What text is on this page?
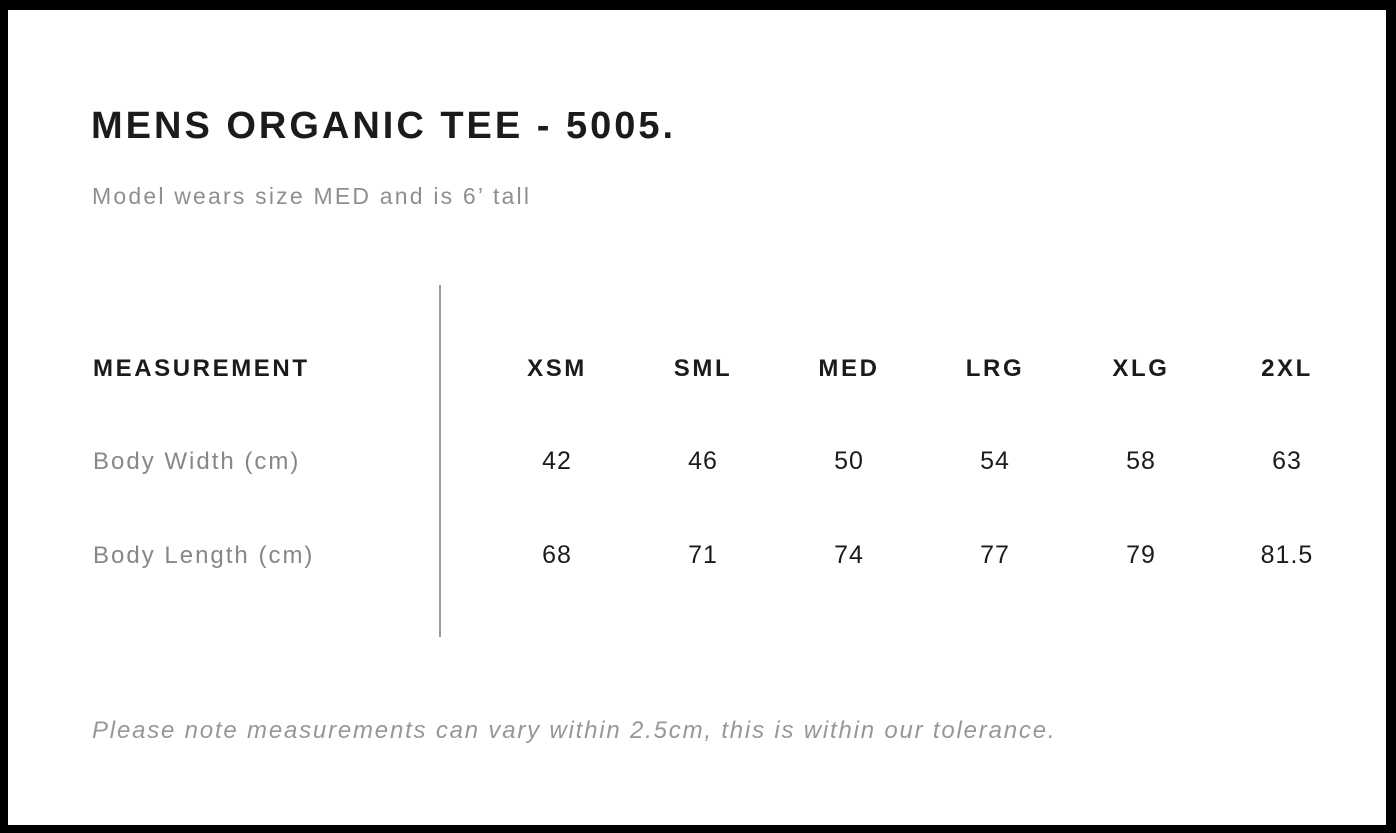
MENS ORGANIC TEE - 5005.

Model wears size MED and is 6’ tall

MEASUREMENT	XSM	SML	MED	LRG	XLG	2XL
Body Width (cm)	42	46	50	54	58	63
Body Length (cm)	68	71	74	77	79	81.5

Please note measurements can vary within 2.5cm, this is within our tolerance.
